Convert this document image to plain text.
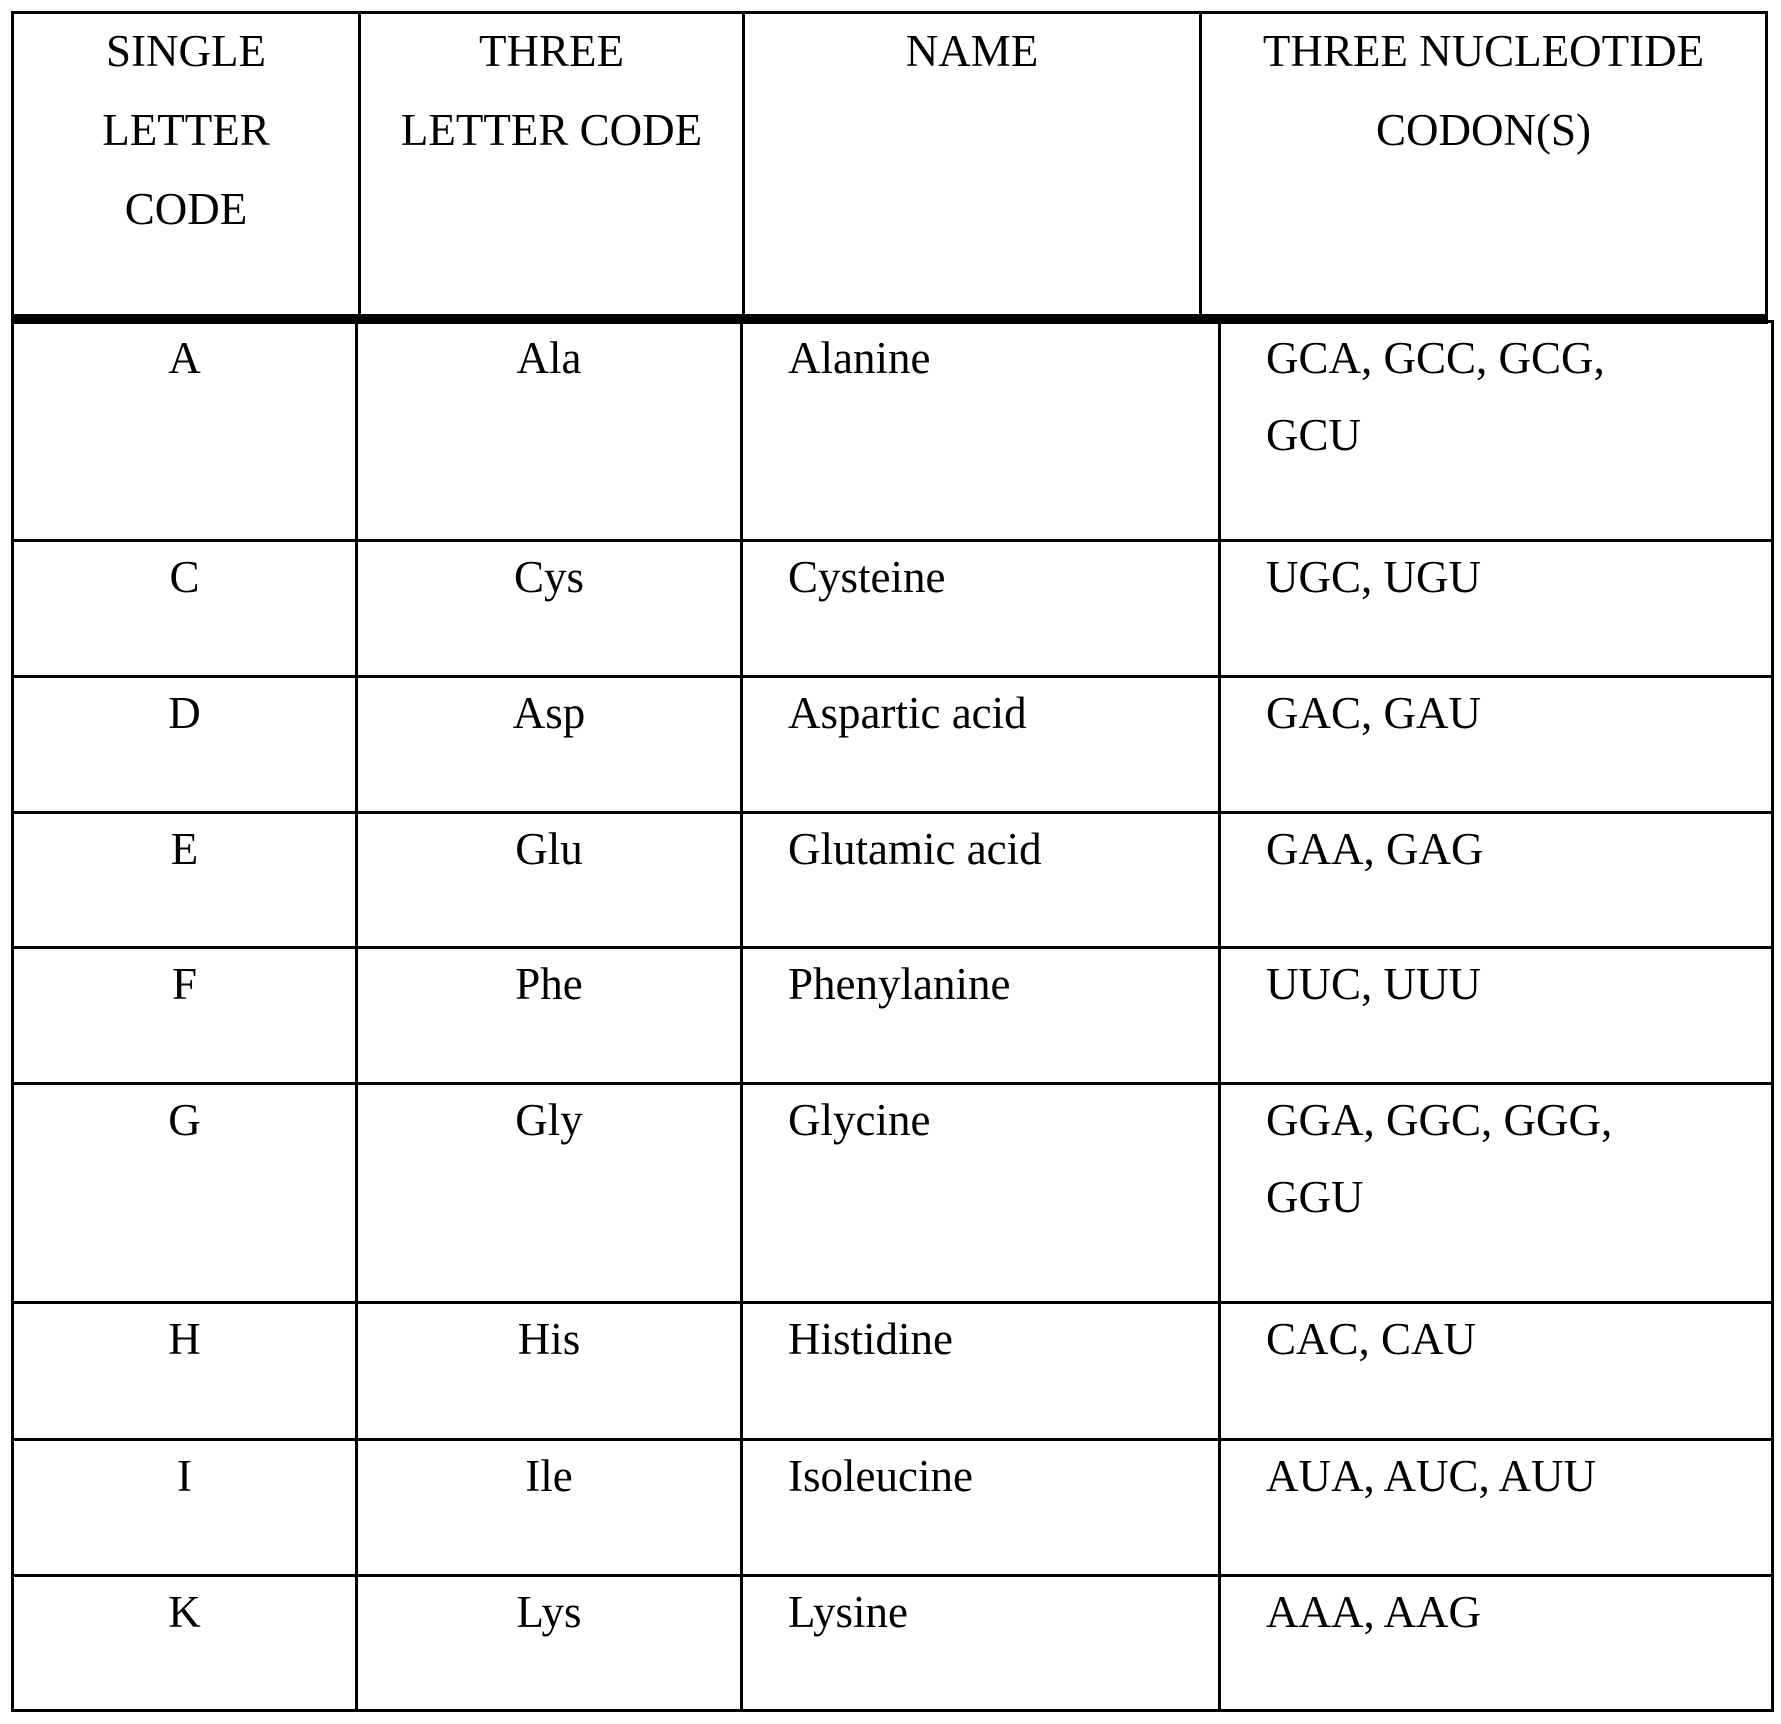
SINGLE
LETTER
CODE

THREE
LETTER CODE

NAME	THREE NUCLEOTIDE
CODON(S)
A	Ala	Alanine	GCA, GCC, GCG,
GCU

C	Cys	Cysteine	UGC, UGU

D	Asp	Aspartic acid	GAC, GAU

E	Glu	Glutamic acid	GAA, GAG

F	Phe	Phenylanine	UUC, UUU

G	Gly	Glycine	GGA, GGC, GGG,
GGU

H	His	Histidine	CAC, CAU

I	Ile	Isoleucine	AUA, AUC, AUU

K	Lys	Lysine	AAA, AAG
